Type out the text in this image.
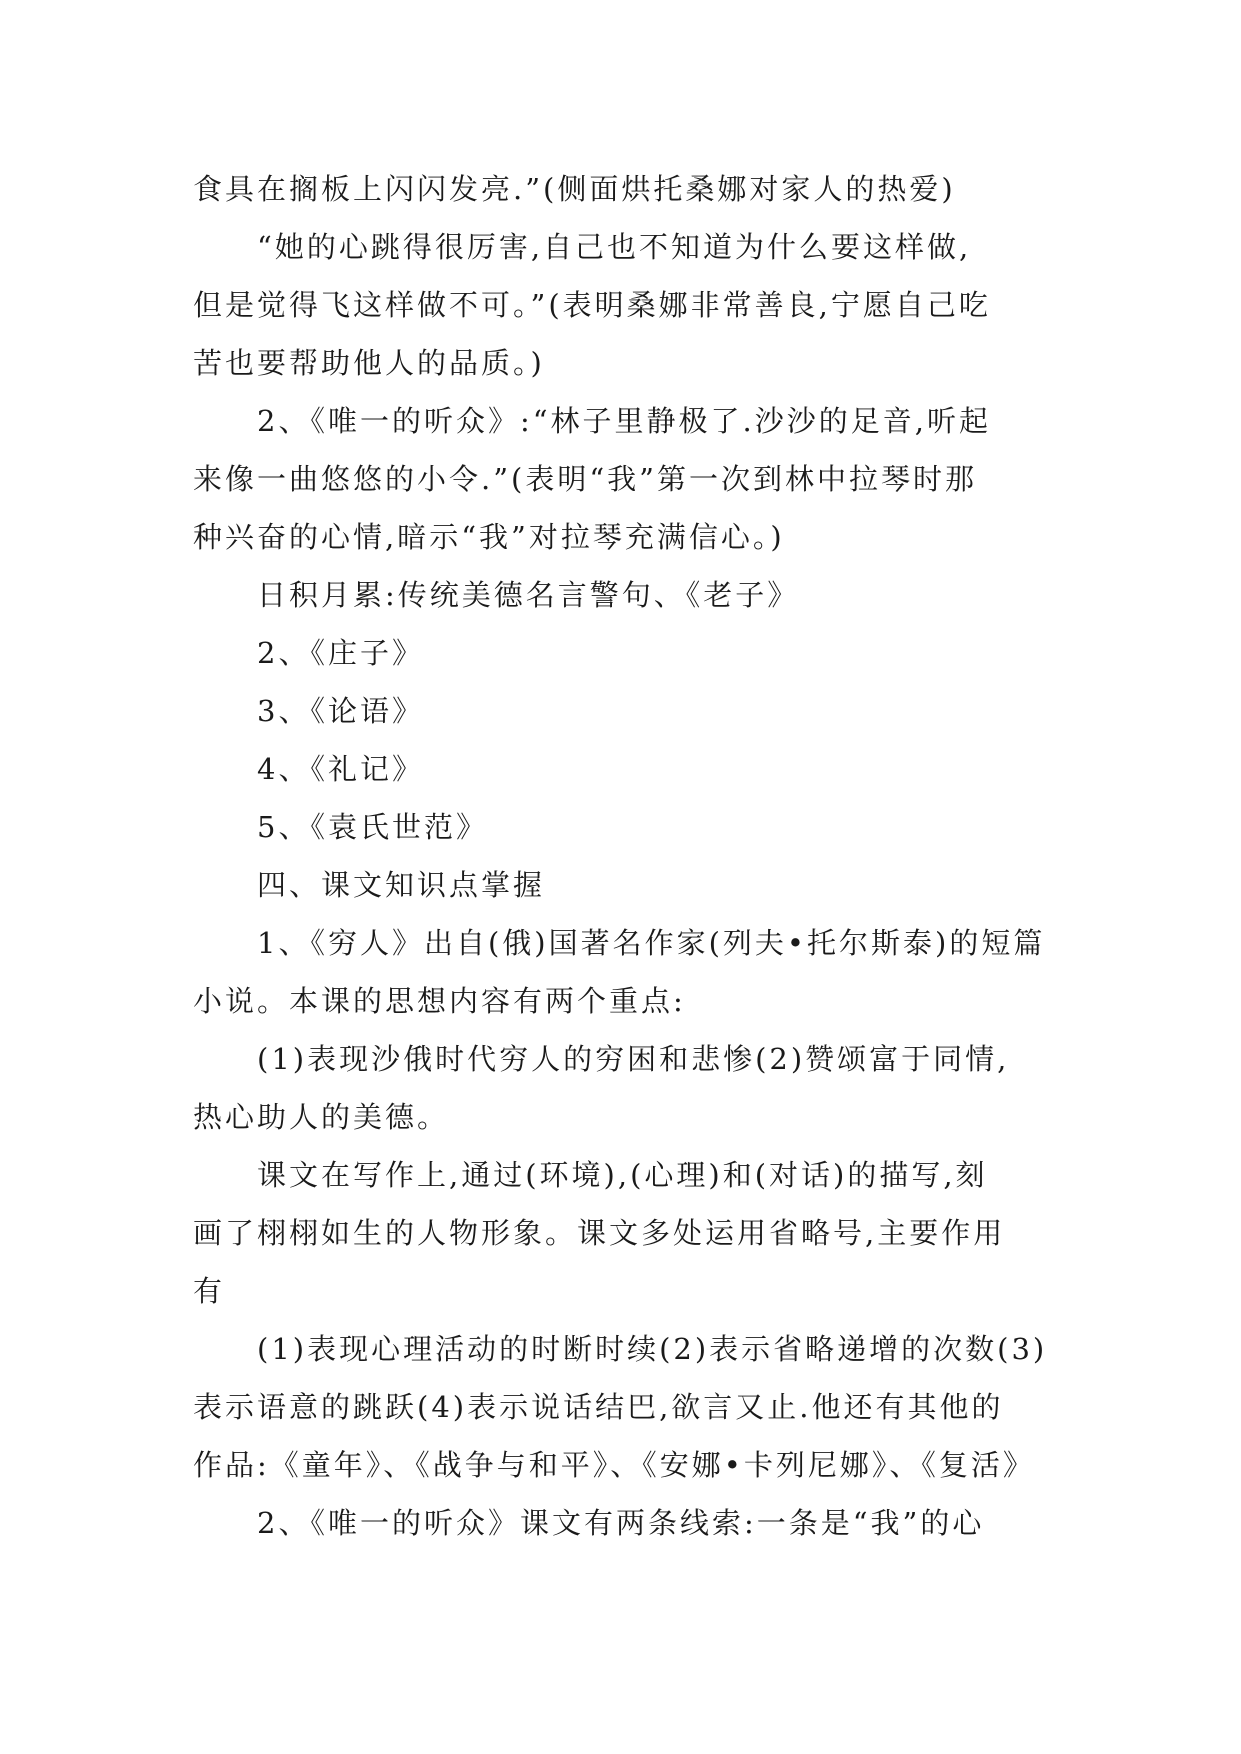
食具在搁板上闪闪发亮.”(侧面烘托桑娜对家人的热爱)

“她的心跳得很厉害,自己也不知道为什么要这样做,
但是觉得飞这样做不可。”(表明桑娜非常善良,宁愿自己吃
苦也要帮助他人的品质。)

2、《唯一的听众》:“林子里静极了.沙沙的足音,听起
来像一曲悠悠的小令.”(表明“我”第一次到林中拉琴时那
种兴奋的心情,暗示“我”对拉琴充满信心。)

日积月累:传统美德名言警句、《老子》

2、《庄子》

3、《论语》

4、《礼记》

5、《袁氏世范》

四、课文知识点掌握

1、《穷人》出自(俄)国著名作家(列夫•托尔斯泰)的短篇
小说。本课的思想内容有两个重点:

(1)表现沙俄时代穷人的穷困和悲惨(2)赞颂富于同情,
热心助人的美德。

课文在写作上,通过(环境),(心理)和(对话)的描写,刻
画了栩栩如生的人物形象。课文多处运用省略号,主要作用
有

(1)表现心理活动的时断时续(2)表示省略递增的次数(3)
表示语意的跳跃(4)表示说话结巴,欲言又止.他还有其他的
作品:《童年》、《战争与和平》、《安娜•卡列尼娜》、《复活》

2、《唯一的听众》课文有两条线索:一条是“我”的心
